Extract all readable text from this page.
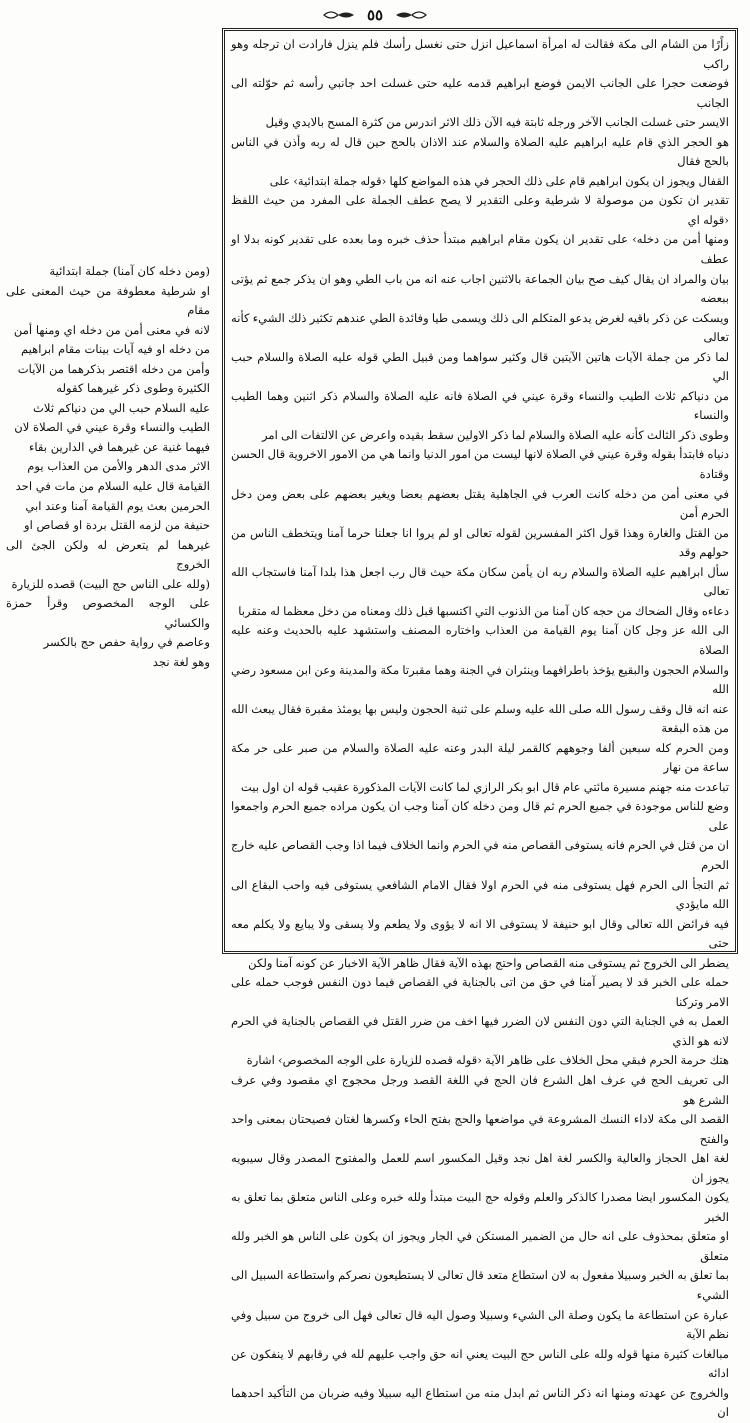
٥٥

زاًرًا من الشام الى مكة فقالت له امرأة اسماعيل انزل حتى نغسل رأسك فلم ينزل فارادت ان ترجله وهو راكب
فوضعت حجرا على الجانب الايمن فوضع ابراهيم قدمه عليه حتى غسلت احد جانبي رأسه ثم حوّلته الى الجانب
الايسر حتى غسلت الجانب الآخر ورجله ثابتة فيه الآن ذلك الاثر اندرس من كثرة المسح بالايدي وقيل
هو الحجر الذي قام عليه ابراهيم عليه الصلاة والسلام عند الاذان بالحج حين قال له ربه وأذن في الناس بالحج فقال
القفال ويجوز ان يكون ابراهيم قام على ذلك الحجر في هذه المواضع كلها ‹قوله جملة ابتدائية› على
تقدير ان تكون من موصولة لا شرطية وعلى التقدير لا يصح عطف الجملة على المفرد من حيث اللفظ ‹قوله اي
ومنها أمن من دخله› على تقدير ان يكون مقام ابراهيم مبتدأ حذف خبره وما بعده على تقدير كونه بدلا او عطف
بيان والمراد ان يقال كيف صح بيان الجماعة بالاثنين اجاب عنه انه من باب الطي وهو ان يذكر جمع ثم يؤتى ببعضه
ويسكت عن ذكر باقيه لغرض يدعو المتكلم الى ذلك ويسمى طيا وفائدة الطي عندهم تكثير ذلك الشيء كأنه تعالى
لما ذكر من جملة الآيات هاتين الآيتين قال وكثير سواهما ومن قبيل الطي قوله عليه الصلاة والسلام حبب الي
من دنياكم ثلاث الطيب والنساء وقرة عيني في الصلاة فانه عليه الصلاة والسلام ذكر اثنين وهما الطيب والنساء
وطوى ذكر الثالث كأنه عليه الصلاة والسلام لما ذكر الاولين سقط بقيده واعرض عن الالتفات الى امر
دنياه فابتدأ بقوله وقرة عيني في الصلاة لانها ليست من امور الدنيا وانما هي من الامور الاخروية قال الحسن وقتادة
في معنى أمن من دخله كانت العرب في الجاهلية يقتل بعضهم بعضا ويغير بعضهم على بعض ومن دخل الحرم أمن
من القتل والغارة وهذا قول اكثر المفسرين لقوله تعالى او لم يروا انا جعلنا حرما آمنا ويتخطف الناس من حولهم وقد
سأل ابراهيم عليه الصلاة والسلام ربه ان يأمن سكان مكة حيث قال رب اجعل هذا بلدا آمنا فاستجاب الله تعالى
دعاءه وقال الضحاك من حجه كان آمنا من الذنوب التي اكتسبها قبل ذلك ومعناه من دخل معظما له متقربا
الى الله عز وجل كان آمنا يوم القيامة من العذاب واختاره المصنف واستشهد عليه بالحديث وعنه عليه الصلاة
والسلام الحجون والبقيع يؤخذ باطرافهما وينثران في الجنة وهما مقبرتا مكة والمدينة وعن ابن مسعود رضي الله
عنه انه قال وقف رسول الله صلى الله عليه وسلم على ثنية الحجون وليس بها يومئذ مقبرة فقال يبعث الله من هذه البقعة
ومن الحرم كله سبعين ألفا وجوههم كالقمر ليلة البدر وعنه عليه الصلاة والسلام من صبر على حر مكة ساعة من نهار
تباعدت منه جهنم مسيرة مائتي عام قال ابو بكر الرازي لما كانت الآيات المذكورة عقيب قوله ان اول بيت
وضع للناس موجودة في جميع الحرم ثم قال ومن دخله كان آمنا وجب ان يكون مراده جميع الحرم واجمعوا على
ان من قتل في الحرم فانه يستوفى القصاص منه في الحرم وانما الخلاف فيما اذا وجب القصاص عليه خارج الحرم
ثم التجأ الى الحرم فهل يستوفى منه في الحرم اولا فقال الامام الشافعي يستوفى فيه واحب البقاع الى الله مايؤدي
فيه فرائض الله تعالى وقال ابو حنيفة لا يستوفى الا انه لا يؤوى ولا يطعم ولا يسقى ولا يبايع ولا يكلم معه حتى
يضطر الى الخروج ثم يستوفى منه القصاص واحتج بهذه الآية فقال ظاهر الآية الاخبار عن كونه آمنا ولكن
حمله على الخبر قد لا يصير آمنا في حق من اتى بالجناية في القصاص فيما دون النفس فوجب حمله على الامر وتركنا
العمل به في الجناية التي دون النفس لان الضرر فيها اخف من ضرر القتل في القصاص بالجناية في الحرم لانه هو الذي
هتك حرمة الحرم فبقي محل الخلاف على ظاهر الآية ‹قوله قصده للزيارة على الوجه المخصوص› اشارة
الى تعريف الحج في عرف اهل الشرع فان الحج في اللغة القصد ورجل محجوج اي مقصود وفي عرف الشرع هو
القصد الى مكة لاداء النسك المشروعة في مواضعها والحج بفتح الحاء وكسرها لغتان فصيحتان بمعنى واحد والفتح
لغة اهل الحجاز والعالية والكسر لغة اهل نجد وقيل المكسور اسم للعمل والمفتوح المصدر وقال سيبويه يجوز ان
يكون المكسور ايضا مصدرا كالذكر والعلم وقوله حج البيت مبتدأ ولله خبره وعلى الناس متعلق بما تعلق به الخبر
او متعلق بمحذوف على انه حال من الضمير المستكن في الجار ويجوز ان يكون على الناس هو الخبر ولله متعلق
بما تعلق به الخبر وسبيلا مفعول به لان استطاع متعد قال تعالى لا يستطيعون نصركم واستطاعة السبيل الى الشيء
عبارة عن استطاعة ما يكون وصلة الى الشيء وسبيلا وصول اليه قال تعالى فهل الى خروج من سبيل وفي نظم الآية
مبالغات كثيرة منها قوله ولله على الناس حج البيت يعني انه حق واجب عليهم لله في رقابهم لا ينفكون عن ادائه
والخروج عن عهدته ومنها انه ذكر الناس ثم ابدل منه من استطاع اليه سبيلا وفيه ضربان من التأكيد احدهما ان

(ومن دخله كان آمنا) جملة ابتدائية
او شرطية معطوفة من حيث المعنى على مقام
لانه في معنى أمن من دخله اي ومنها أمن
من دخله او فيه آيات بينات مقام ابراهيم
وأمن من دخله اقتصر بذكرهما من الآيات
الكثيرة وطوى ذكر غيرهما كقوله
عليه السلام حبب الي من دنياكم ثلاث
الطيب والنساء وقرة عيني في الصلاة لان
فيهما غنية عن غيرهما في الدارين بقاء
الاثر مدى الدهر والأمن من العذاب يوم
القيامة قال عليه السلام من مات في احد
الحرمين بعث يوم القيامة آمنا وعند ابي
حنيفة من لزمه القتل بردة او قصاص او
غيرهما لم يتعرض له ولكن الجئ الى الخروج
(ولله على الناس حج البيت) قصده للزيارة
على الوجه المخصوص وقرأ حمزة والكسائي
وعاصم في رواية حفص حج بالكسر
وهو لغة نجد
